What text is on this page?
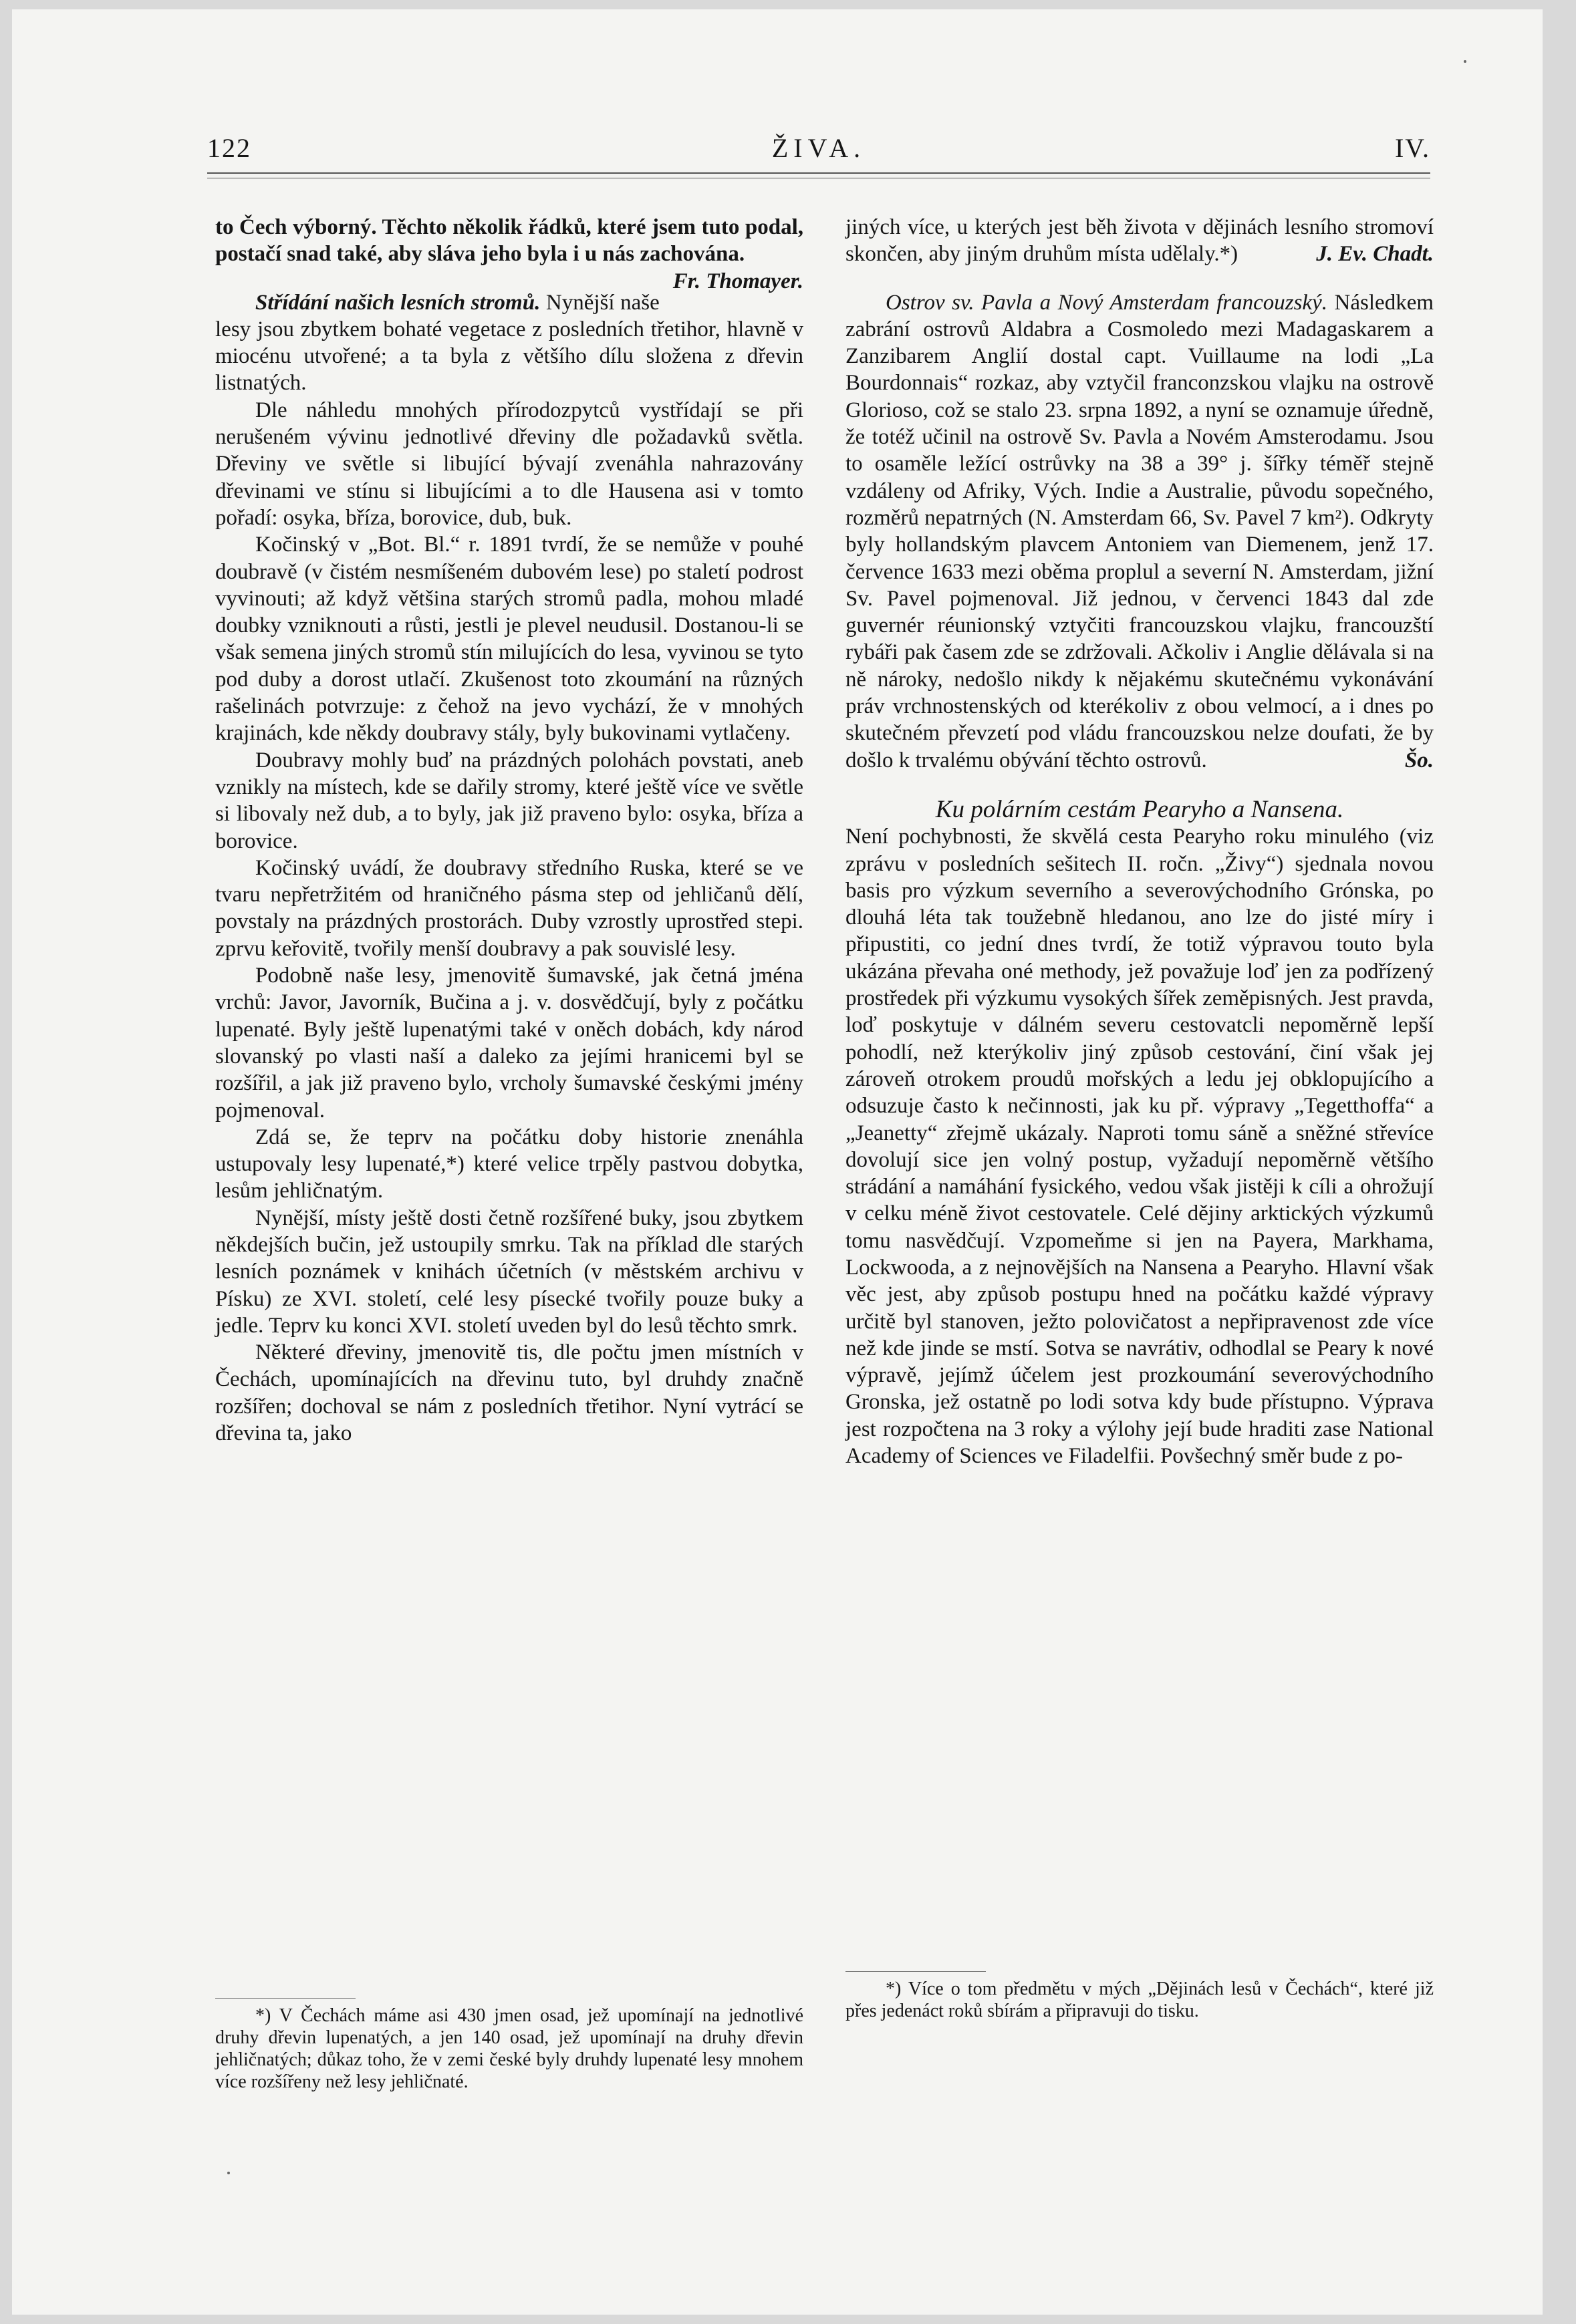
122	ŽIVA.	IV.

to Čech výborný. Těchto několik řádků, které jsem tuto podal, postačí snad také, aby sláva jeho byla i u nás zachována.
Fr. Thomayer.

Střídání našich lesních stromů. Nynější naše lesy jsou zbytkem bohaté vegetace z posledních třetihor, hlavně v miocénu utvořené; a ta byla z většího dílu složena z dřevin listnatých.

Dle náhledu mnohých přírodozpytců vystřídají se při nerušeném vývinu jednotlivé dřeviny dle požadavků světla. Dřeviny ve světle si libující bývají zvenáhla nahrazovány dřevinami ve stínu si libujícími a to dle Hausena asi v tomto pořadí: osyka, bříza, borovice, dub, buk.

Kočinský v „Bot. Bl.“ r. 1891 tvrdí, že se nemůže v pouhé doubravě (v čistém nesmíšeném dubovém lese) po staletí podrost vyvinouti; až když většina starých stromů padla, mohou mladé doubky vzniknouti a růsti, jestli je plevel neudusil. Dostanou-li se však semena jiných stromů stín milujících do lesa, vyvinou se tyto pod duby a dorost utlačí. Zkušenost toto zkoumání na různých rašelinách potvrzuje: z čehož na jevo vychází, že v mnohých krajinách, kde někdy doubravy stály, byly bukovinami vytlačeny.

Doubravy mohly buď na prázdných polohách povstati, aneb vznikly na místech, kde se dařily stromy, které ještě více ve světle si libovaly než dub, a to byly, jak již praveno bylo: osyka, bříza a borovice.

Kočinský uvádí, že doubravy středního Ruska, které se ve tvaru nepřetržitém od hraničného pásma step od jehličanů dělí, povstaly na prázdných prostorách. Duby vzrostly uprostřed stepi. zprvu keřovitě, tvořily menší doubravy a pak souvislé lesy.

Podobně naše lesy, jmenovitě šumavské, jak četná jména vrchů: Javor, Javorník, Bučina a j. v. dosvědčují, byly z počátku lupenaté. Byly ještě lupenatými také v oněch dobách, kdy národ slovanský po vlasti naší a daleko za jejími hranicemi byl se rozšířil, a jak již praveno bylo, vrcholy šumavské českými jmény pojmenoval.

Zdá se, že teprv na počátku doby historie znenáhla ustupovaly lesy lupenaté,*) které velice trpěly pastvou dobytka, lesům jehličnatým.

Nynější, místy ještě dosti četně rozšířené buky, jsou zbytkem někdejších bučin, jež ustoupily smrku. Tak na příklad dle starých lesních poznámek v knihách účetních (v městském archivu v Písku) ze XVI. století, celé lesy písecké tvořily pouze buky a jedle. Teprv ku konci XVI. století uveden byl do lesů těchto smrk.

Některé dřeviny, jmenovitě tis, dle počtu jmen místních v Čechách, upomínajících na dřevinu tuto, byl druhdy značně rozšířen; dochoval se nám z posledních třetihor. Nyní vytrácí se dřevina ta, jako

*) V Čechách máme asi 430 jmen osad, jež upomínají na jednotlivé druhy dřevin lupenatých, a jen 140 osad, jež upomínají na druhy dřevin jehličnatých; důkaz toho, že v zemi české byly druhdy lupenaté lesy mnohem více rozšířeny než lesy jehličnaté.

jiných více, u kterých jest běh života v dějinách lesního stromoví skončen, aby jiným druhům místa udělaly.*)	J. Ev. Chadt.

Ostrov sv. Pavla a Nový Amsterdam francouzský. Následkem zabrání ostrovů Aldabra a Cosmoledo mezi Madagaskarem a Zanzibarem Anglií dostal capt. Vuillaume na lodi „La Bourdonnais“ rozkaz, aby vztyčil franconzskou vlajku na ostrově Glorioso, což se stalo 23. srpna 1892, a nyní se oznamuje úředně, že totéž učinil na ostrově Sv. Pavla a Novém Amsterodamu. Jsou to osaměle ležící ostrůvky na 38 a 39° j. šířky téměř stejně vzdáleny od Afriky, Vých. Indie a Australie, původu sopečného, rozměrů nepatrných (N. Amsterdam 66, Sv. Pavel 7 km²). Odkryty byly hollandským plavcem Antoniem van Diemenem, jenž 17. července 1633 mezi oběma proplul a severní N. Amsterdam, jižní Sv. Pavel pojmenoval. Již jednou, v červenci 1843 dal zde guvernér réunionský vztyčiti francouzskou vlajku, francouzští rybáři pak časem zde se zdržovali. Ačkoliv i Anglie dělávala si na ně nároky, nedošlo nikdy k nějakému skutečnému vykonávání práv vrchnostenských od kterékoliv z obou velmocí, a i dnes po skutečném převzetí pod vládu francouzskou nelze doufati, že by došlo k trvalému obývání těchto ostrovů.	Šo.

Ku polárním cestám Pearyho a Nansena.

Není pochybnosti, že skvělá cesta Pearyho roku minulého (viz zprávu v posledních sešitech II. ročn. „Živy“) sjednala novou basis pro výzkum severního a severovýchodního Grónska, po dlouhá léta tak toužebně hledanou, ano lze do jisté míry i připustiti, co jední dnes tvrdí, že totiž výpravou touto byla ukázána převaha oné methody, jež považuje loď jen za podřízený prostředek při výzkumu vysokých šířek zeměpisných. Jest pravda, loď poskytuje v dálném severu cestovatcli nepoměrně lepší pohodlí, než kterýkoliv jiný způsob cestování, činí však jej zároveň otrokem proudů mořských a ledu jej obklopujícího a odsuzuje často k nečinnosti, jak ku př. výpravy „Tegetthoffa“ a „Jeanetty“ zřejmě ukázaly. Naproti tomu sáně a sněžné střevíce dovolují sice jen volný postup, vyžadují nepoměrně většího strádání a namáhání fysického, vedou však jistěji k cíli a ohrožují v celku méně život cestovatele. Celé dějiny arktických výzkumů tomu nasvědčují. Vzpomeňme si jen na Payera, Markhama, Lockwooda, a z nejnovějších na Nansena a Pearyho. Hlavní však věc jest, aby způsob postupu hned na počátku každé výpravy určitě byl stanoven, ježto polovičatost a nepřipravenost zde více než kde jinde se mstí. Sotva se navrátiv, odhodlal se Peary k nové výpravě, jejímž účelem jest prozkoumání severovýchodního Gronska, jež ostatně po lodi sotva kdy bude přístupno. Výprava jest rozpočtena na 3 roky a výlohy její bude hraditi zase National Academy of Sciences ve Filadelfii. Povšechný směr bude z po-

*) Více o tom předmětu v mých „Dějinách lesů v Čechách“, které již přes jedenáct roků sbírám a připravuji do tisku.
